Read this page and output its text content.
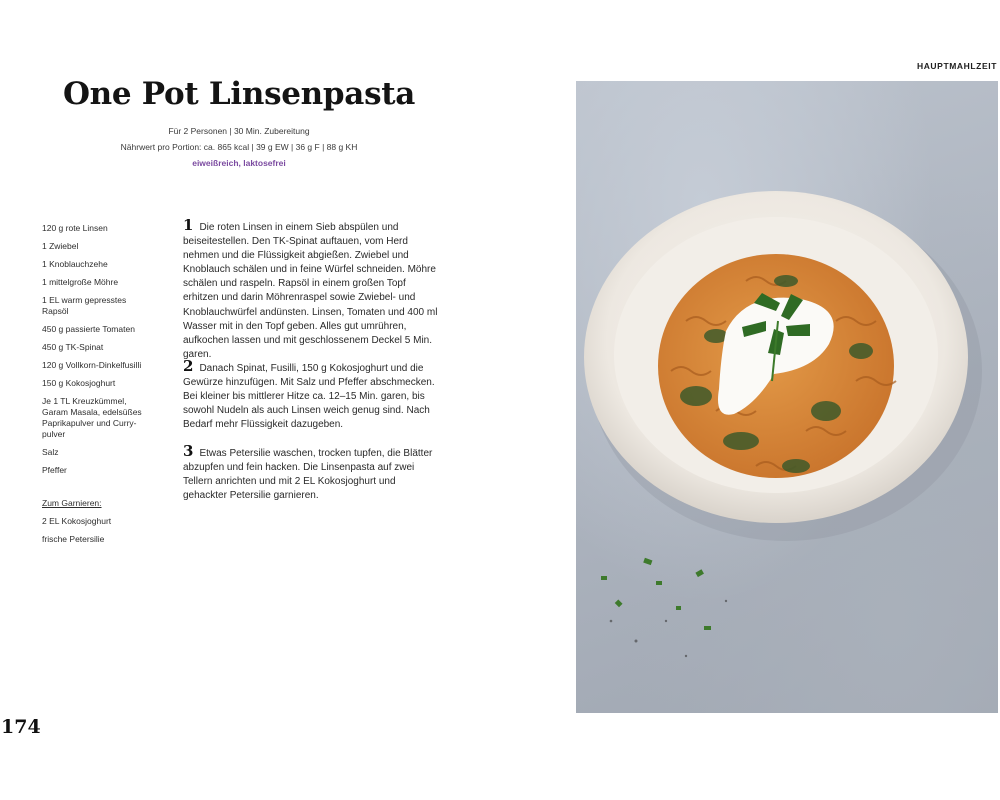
HAUPTMAHLZEIT
One Pot Linsenpasta
Für 2 Personen | 30 Min. Zubereitung
Nährwert pro Portion: ca. 865 kcal | 39 g EW | 36 g F | 88 g KH
eiweißreich, laktosefrei
120 g rote Linsen
1 Zwiebel
1 Knoblauchzehe
1 mittelgroße Möhre
1 EL warm gepresstes Rapsöl
450 g passierte Tomaten
450 g TK-Spinat
120 g Vollkorn-Dinkelfusilli
150 g Kokosjoghurt
Je 1 TL Kreuzkümmel, Garam Masala, edelsüßes Paprikapulver und Curry-pulver
Salz
Pfeffer
Zum Garnieren:
2 EL Kokosjoghurt
frische Petersilie
1 Die roten Linsen in einem Sieb abspülen und beiseitestellen. Den TK-Spinat auftauen, vom Herd nehmen und die Flüssigkeit abgießen. Zwiebel und Knoblauch schälen und in feine Würfel schneiden. Möhre schälen und raspeln. Rapsöl in einem großen Topf erhitzen und darin Möhrenraspel sowie Zwiebel- und Knoblauchwürfel andünsten. Linsen, Tomaten und 400 ml Wasser mit in den Topf geben. Alles gut umrühren, aufkochen lassen und mit geschlossenem Deckel 5 Min. garen.
2 Danach Spinat, Fusilli, 150 g Kokosjoghurt und die Gewürze hinzufügen. Mit Salz und Pfeffer abschmecken. Bei kleiner bis mittlerer Hitze ca. 12–15 Min. garen, bis sowohl Nudeln als auch Linsen weich genug sind. Nach Bedarf mehr Flüssigkeit dazugeben.
3 Etwas Petersilie waschen, trocken tupfen, die Blätter abzupfen und fein hacken. Die Linsenpasta auf zwei Tellern anrichten und mit 2 EL Kokosjoghurt und gehackter Petersilie garnieren.
174
